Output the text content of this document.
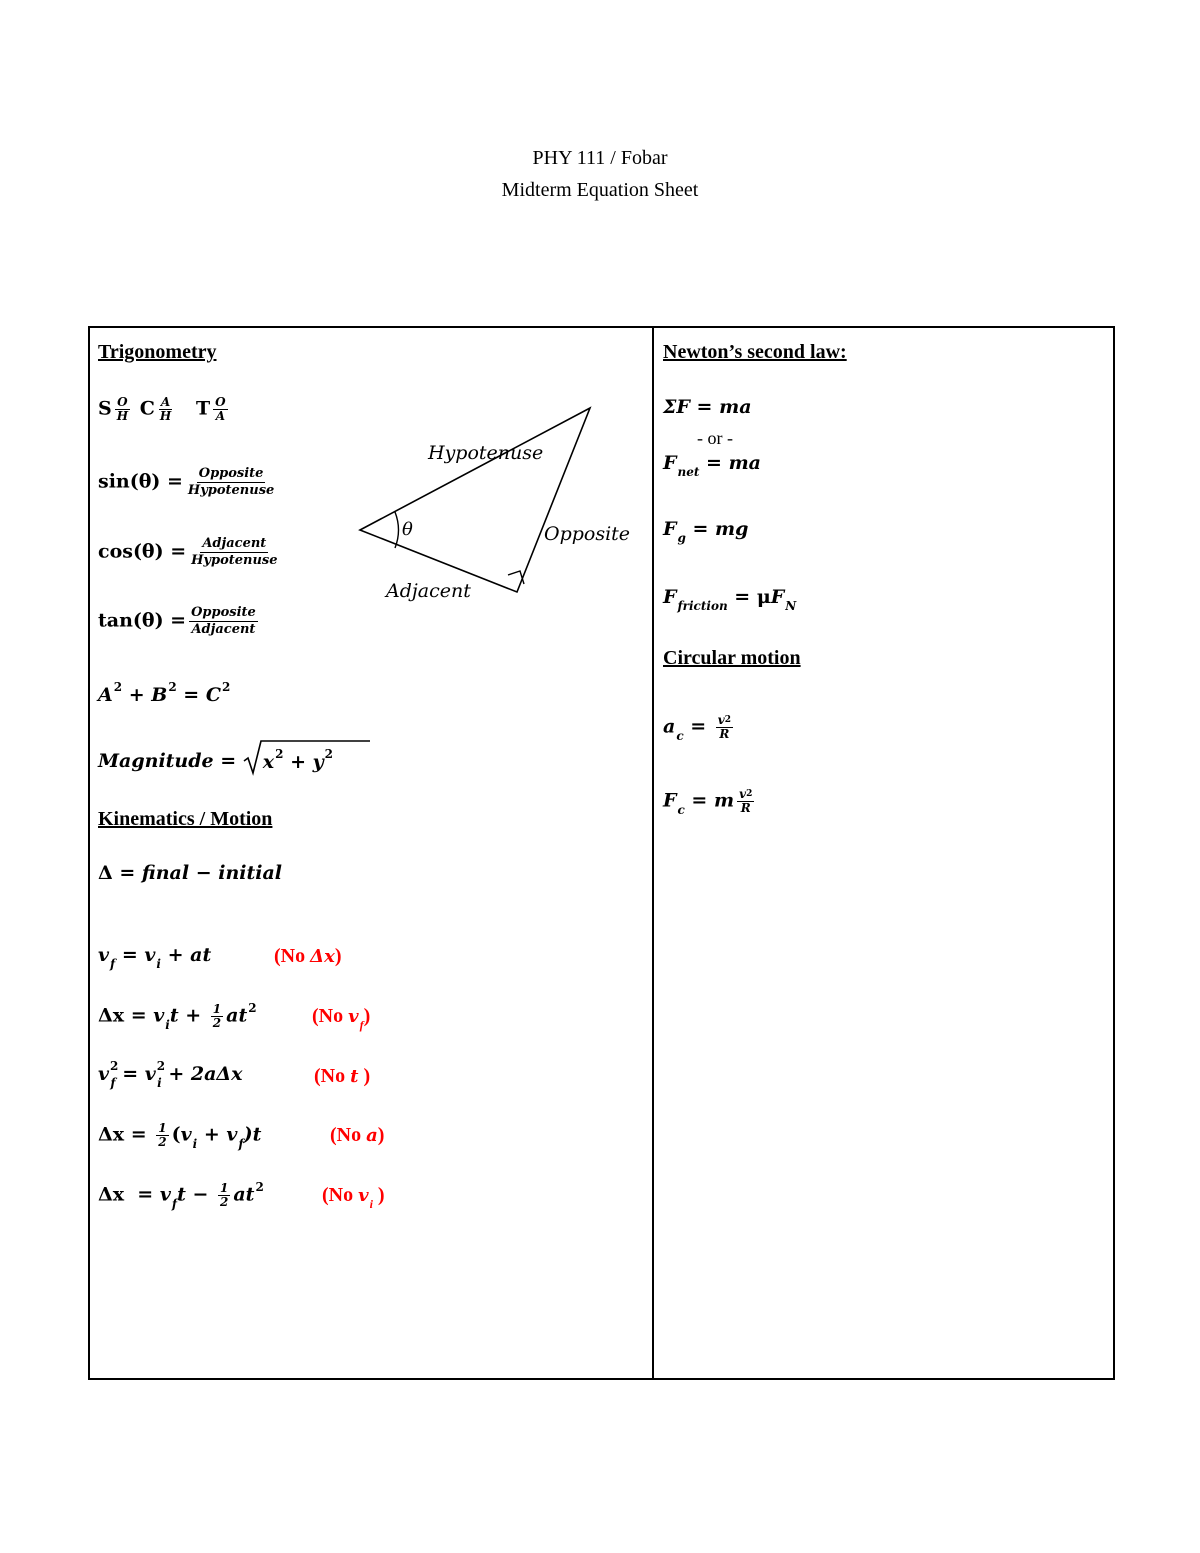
PHY 111 / Fobar
Midterm Equation Sheet
Trigonometry
S $\frac{O}{H}$ C $\frac{A}{H}$ T $\frac{O}{A}$
$\sin(\theta) = \frac{\text{Opposite}}{\text{Hypotenuse}}$
$\cos(\theta) = \frac{\text{Adjacent}}{\text{Hypotenuse}}$
$\tan(\theta) = \frac{\text{Opposite}}{\text{Adjacent}}$
$A^2 + B^2 = C^2$
Magnitude =
$x^2 + y^2$
Hypotenuse
Opposite
Adjacent
θ
Kinematics / Motion
Δ = final − initial
$v_f = v_i$ + at	(No Δx)
$\Delta x = v_it + \frac{1}{2} at^2$	(No $v_f$)
$v^2_f = v^2_i + 2a\Delta x$	(No t )
$\Delta x = \frac{1}{2} (v_i + v_f)t$	(No a)
$\Delta x = v_ft - \frac{1}{2} at^2$	(No $v_i$ )
Newton’s second law:
ΣF = ma
- or -
$F_{net}$ = ma
$F_g$ = mg
$F_{friction} = \mu F_N$
Circular motion
$a_c = \frac{v^2}{R}$
$F_c = m \frac{v^2}{R}$
